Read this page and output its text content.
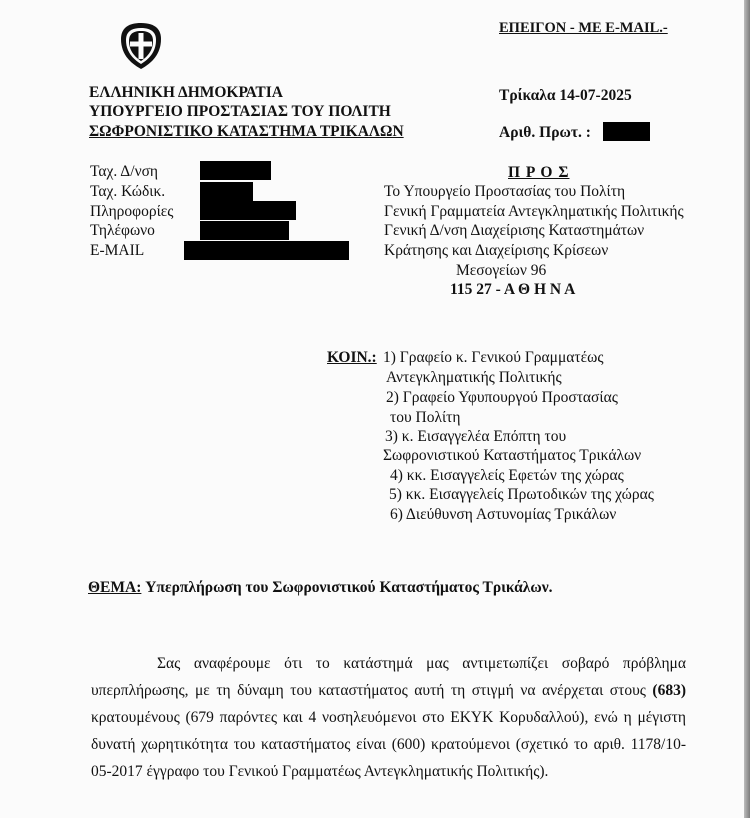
ΕΠΕΙΓΟΝ - ΜΕ E-MAIL.-
ΕΛΛΗΝΙΚΗ ΔΗΜΟΚΡΑΤΙΑ
ΥΠΟΥΡΓΕΙΟ ΠΡΟΣΤΑΣΙΑΣ ΤΟΥ ΠΟΛΙΤΗ
ΣΩΦΡΟΝΙΣΤΙΚΟ ΚΑΤΑΣΤΗΜΑ ΤΡΙΚΑΛΩΝ
Τρίκαλα 14-07-2025
Αριθ. Πρωτ. :
Ταχ. Δ/νση
Ταχ. Κώδικ.
Πληροφορίες
Τηλέφωνο
E-MAIL
Π Ρ Ο Σ
Το Υπουργείο Προστασίας του Πολίτη
Γενική Γραμματεία Αντεγκληματικής Πολιτικής
Γενική Δ/νση Διαχείρισης Καταστημάτων
Κράτησης και Διαχείρισης Κρίσεων
Μεσογείων 96
115 27 - Α Θ Η Ν Α
ΚΟΙΝ.: 1) Γραφείο κ. Γενικού Γραμματέως
Αντεγκληματικής Πολιτικής
2) Γραφείο Υφυπουργού Προστασίας
του Πολίτη
3) κ. Εισαγγελέα Επόπτη του
Σωφρονιστικού Καταστήματος Τρικάλων
4) κκ. Εισαγγελείς Εφετών της χώρας
5) κκ. Εισαγγελείς Πρωτοδικών της χώρας
6) Διεύθυνση Αστυνομίας Τρικάλων
ΘΕΜΑ: Υπερπλήρωση του Σωφρονιστικού Καταστήματος Τρικάλων.
Σας αναφέρουμε ότι το κατάστημά μας αντιμετωπίζει σοβαρό πρόβλημα υπερπλήρωσης, με τη δύναμη του καταστήματος αυτή τη στιγμή να ανέρχεται στους (683) κρατουμένους (679 παρόντες και 4 νοσηλευόμενοι στο ΕΚΥΚ Κορυδαλλού), ενώ η μέγιστη δυνατή χωρητικότητα του καταστήματος είναι (600) κρατούμενοι (σχετικό το αριθ. 1178/10-05-2017 έγγραφο του Γενικού Γραμματέως Αντεγκληματικής Πολιτικής).
